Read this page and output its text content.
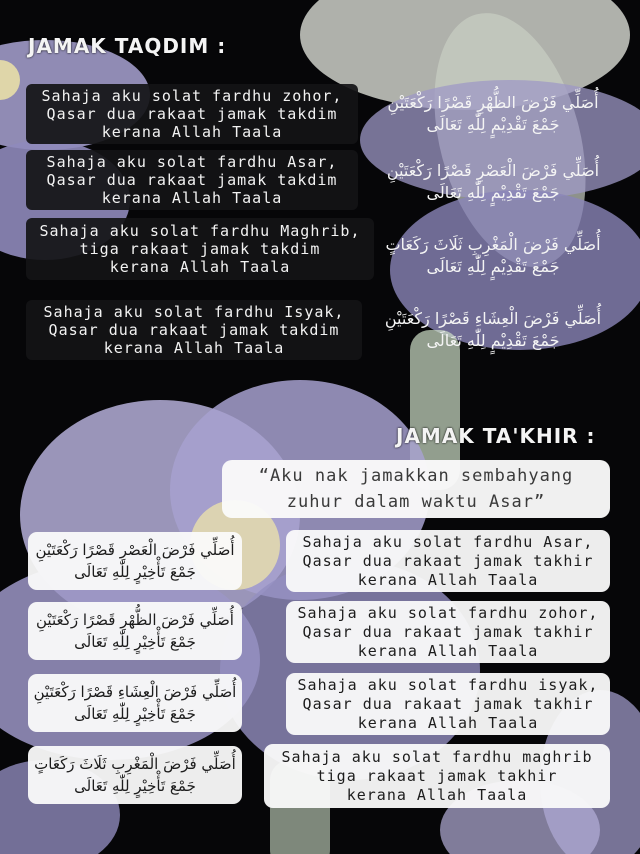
JAMAK TAQDIM :
Sahaja aku solat fardhu zohor,
Qasar dua rakaat jamak takdim
kerana Allah Taala
Sahaja aku solat fardhu Asar,
Qasar dua rakaat jamak takdim
kerana Allah Taala
Sahaja aku solat fardhu Maghrib,
tiga rakaat jamak takdim
kerana Allah Taala
Sahaja aku solat fardhu Isyak,
Qasar dua rakaat jamak takdim
kerana Allah Taala
أُصَلِّي فَرْضَ الظُّهْرِ قَصْرًا رَكْعَتَيْنِ
جَمْعَ تَقْدِيْمٍ لِلّٰهِ تَعَالَى
أُصَلِّي فَرْضَ الْعَصْرِ قَصْرًا رَكْعَتَيْنِ
جَمْعَ تَقْدِيْمٍ لِلّٰهِ تَعَالَى
أُصَلِّي فَرْضَ الْمَغْرِبِ ثَلَاثَ رَكَعَاتٍ
جَمْعَ تَقْدِيْمٍ لِلّٰهِ تَعَالَى
أُصَلِّي فَرْضَ الْعِشَاءِ قَصْرًا رَكْعَتَيْنِ
جَمْعَ تَقْدِيْمٍ لِلّٰهِ تَعَالَى
JAMAK TA'KHIR :
“Aku nak jamakkan sembahyang
zuhur dalam waktu Asar”
أُصَلِّي فَرْضَ الْعَصْرِ قَصْرًا رَكْعَتَيْنِ
جَمْعَ تَأْخِيْرٍ لِلّٰهِ تَعَالَى
أُصَلِّي فَرْضَ الظُّهْرِ قَصْرًا رَكْعَتَيْنِ
جَمْعَ تَأْخِيْرٍ لِلّٰهِ تَعَالَى
أُصَلِّي فَرْضَ الْعِشَاءِ قَصْرًا رَكْعَتَيْنِ
جَمْعَ تَأْخِيْرٍ لِلّٰهِ تَعَالَى
أُصَلِّي فَرْضَ الْمَغْرِبِ ثَلَاثَ رَكَعَاتٍ
جَمْعَ تَأْخِيْرٍ لِلّٰهِ تَعَالَى
Sahaja aku solat fardhu Asar,
Qasar dua rakaat jamak takhir
kerana Allah Taala
Sahaja aku solat fardhu zohor,
Qasar dua rakaat jamak takhir
kerana Allah Taala
Sahaja aku solat fardhu isyak,
Qasar dua rakaat jamak takhir
kerana Allah Taala
Sahaja aku solat fardhu maghrib
tiga rakaat jamak takhir
kerana Allah Taala
